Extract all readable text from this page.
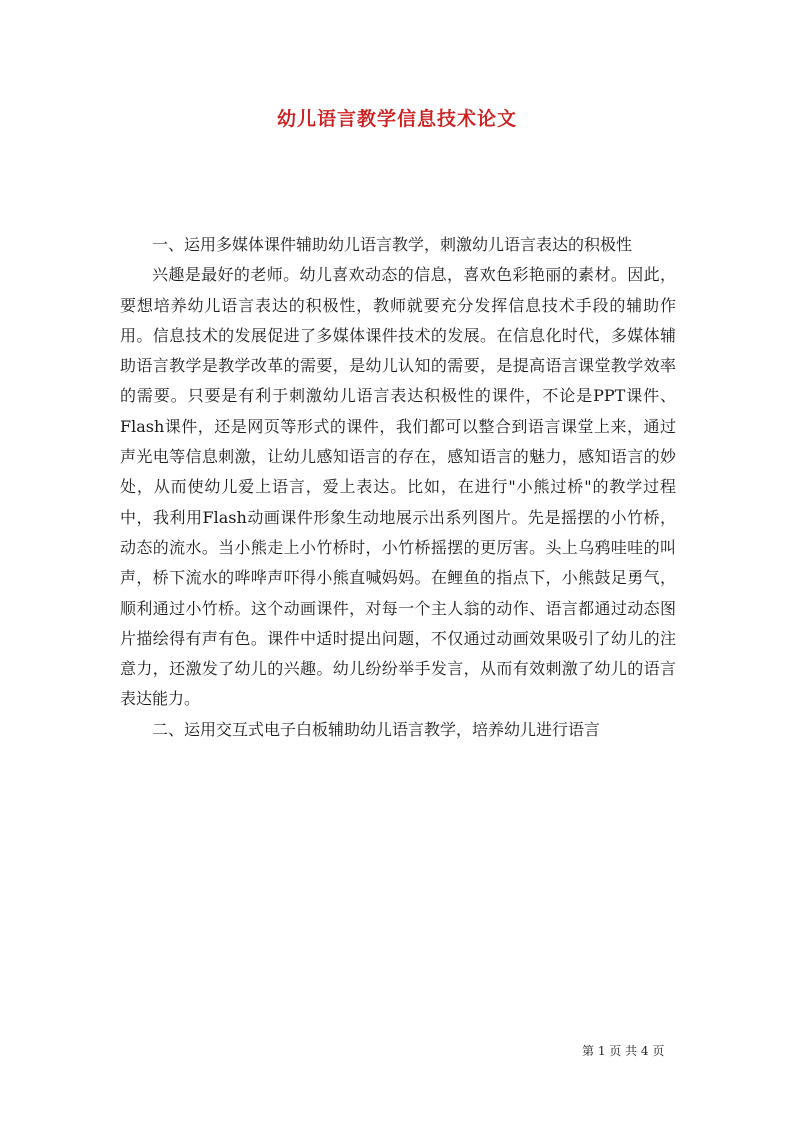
幼儿语言教学信息技术论文

一、运用多媒体课件辅助幼儿语言教学，刺激幼儿语言表达的积极性

兴趣是最好的老师。幼儿喜欢动态的信息，喜欢色彩艳丽的素材。因此，要想培养幼儿语言表达的积极性，教师就要充分发挥信息技术手段的辅助作用。信息技术的发展促进了多媒体课件技术的发展。在信息化时代，多媒体辅助语言教学是教学改革的需要，是幼儿认知的需要，是提高语言课堂教学效率的需要。只要是有利于刺激幼儿语言表达积极性的课件，不论是PPT课件、Flash课件，还是网页等形式的课件，我们都可以整合到语言课堂上来，通过声光电等信息刺激，让幼儿感知语言的存在，感知语言的魅力，感知语言的妙处，从而使幼儿爱上语言，爱上表达。比如，在进行"小熊过桥"的教学过程中，我利用Flash动画课件形象生动地展示出系列图片。先是摇摆的小竹桥，动态的流水。当小熊走上小竹桥时，小竹桥摇摆的更厉害。头上乌鸦哇哇的叫声，桥下流水的哗哗声吓得小熊直喊妈妈。在鲤鱼的指点下，小熊鼓足勇气，顺利通过小竹桥。这个动画课件，对每一个主人翁的动作、语言都通过动态图片描绘得有声有色。课件中适时提出问题，不仅通过动画效果吸引了幼儿的注意力，还激发了幼儿的兴趣。幼儿纷纷举手发言，从而有效刺激了幼儿的语言表达能力。

二、运用交互式电子白板辅助幼儿语言教学，培养幼儿进行语言

第 1 页 共 4 页
